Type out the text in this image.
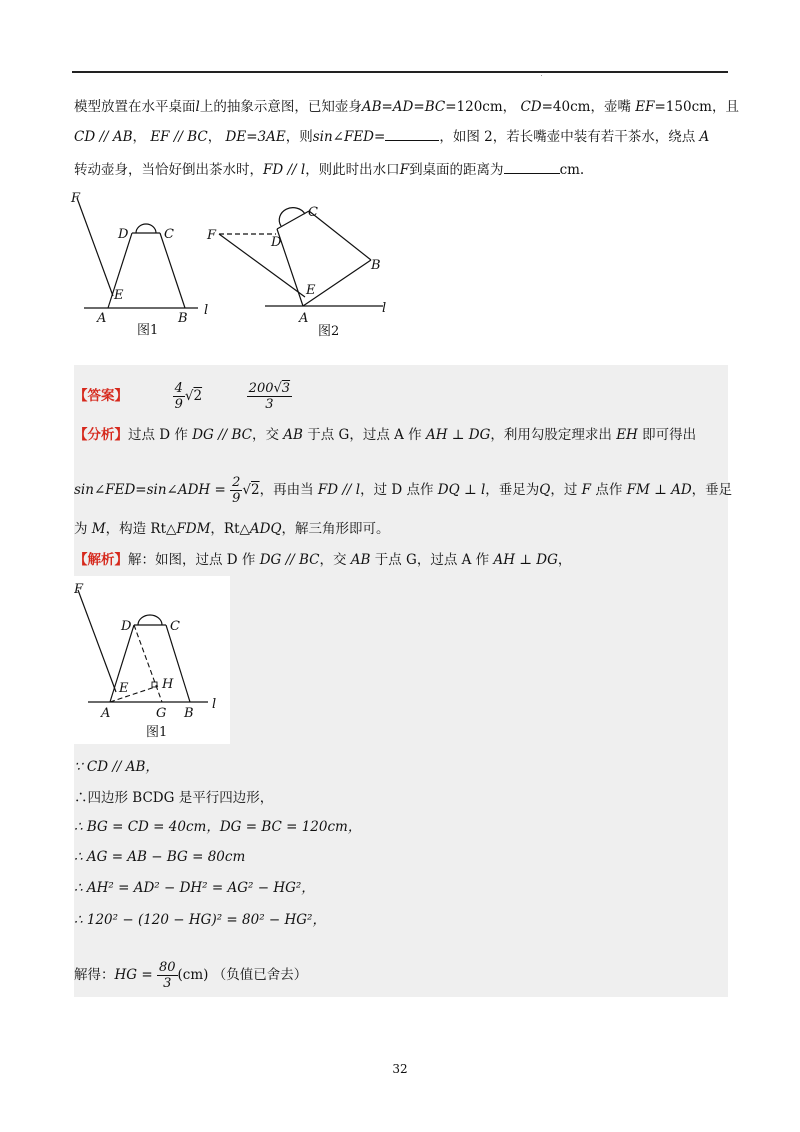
模型放置在水平桌面l上的抽象示意图，已知壶身AB=AD=BC=120cm， CD=40cm，壶嘴 EF=150cm，且
CD // AB， EF // BC， DE=3AE，则sin∠FED=	，如图 2，若长嘴壶中装有若干茶水，绕点 A
转动壶身，当恰好倒出茶水时，FD // l，则此时出水口F到桌面的距离为	cm.
F
D	C
E
A	B
l
图1
F
C
D
B
E
A
l
图2
【答案】	$\frac{4}{9} √2$	$\frac{200√3}{3}$
【分析】过点 D 作 DG // BC，交 AB 于点 G，过点 A 作 AH ⊥ DG，利用勾股定理求出 EH 即可得出
sin∠FED=sin∠ADH = $\frac{2}{9} √2$，再由当 FD // l，过 D 点作 DQ ⊥ l，垂足为Q，过 F 点作 FM ⊥ AD，垂足
为 M，构造 Rt△FDM，Rt△ADQ，解三角形即可。
【解析】解：如图，过点 D 作 DG // BC，交 AB 于点 G，过点 A 作 AH ⊥ DG，
F
D	C
E	H
A	G B
l
图1
∵ CD // AB，
∴四边形 BCDG 是平行四边形，
∴ BG = CD = 40cm，DG = BC = 120cm，
∴ AG = AB − BG = 80cm
∴ AH² = AD² − DH² = AG² − HG²，
∴ 120² − (120 − HG)² = 80² − HG²，
解得：HG = $\frac{80}{3} (cm)$ （负值已舍去）
32
